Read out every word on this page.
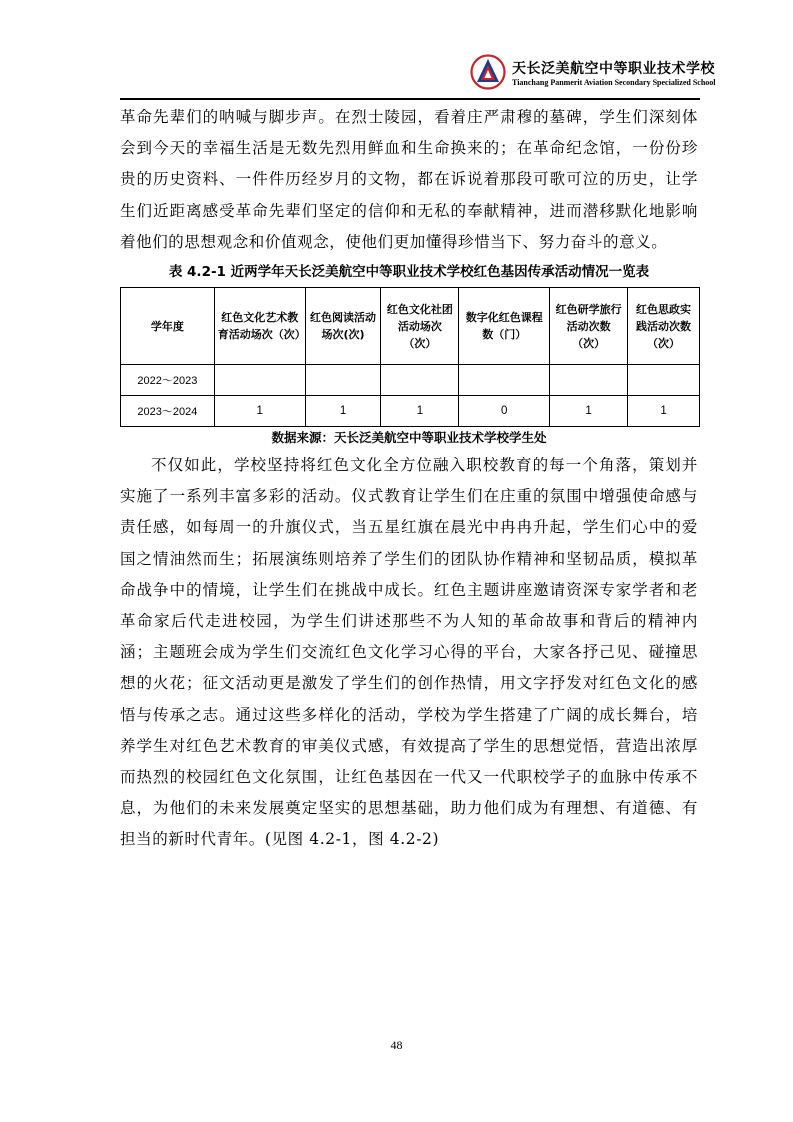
天长泛美航空中等职业技术学校
Tianchang Panmerit Aviation Secondary Specialized School

革命先辈们的呐喊与脚步声。在烈士陵园，看着庄严肃穆的墓碑，学生们深刻体会到今天的幸福生活是无数先烈用鲜血和生命换来的；在革命纪念馆，一份份珍贵的历史资料、一件件历经岁月的文物，都在诉说着那段可歌可泣的历史，让学生们近距离感受革命先辈们坚定的信仰和无私的奉献精神，进而潜移默化地影响着他们的思想观念和价值观念，使他们更加懂得珍惜当下、努力奋斗的意义。

表 4.2-1 近两学年天长泛美航空中等职业技术学校红色基因传承活动情况一览表
学年度	红色文化艺术教育活动场次（次）	红色阅读活动场次(次)	红色文化社团活动场次（次）	数字化红色课程数（门）	红色研学旅行活动次数（次）	红色思政实践活动次数（次）
2022～2023						
2023～2024	1	1	1	0	1	1
数据来源：天长泛美航空中等职业技术学校学生处

不仅如此，学校坚持将红色文化全方位融入职校教育的每一个角落，策划并实施了一系列丰富多彩的活动。仪式教育让学生们在庄重的氛围中增强使命感与责任感，如每周一的升旗仪式，当五星红旗在晨光中冉冉升起，学生们心中的爱国之情油然而生；拓展演练则培养了学生们的团队协作精神和坚韧品质，模拟革命战争中的情境，让学生们在挑战中成长。红色主题讲座邀请资深专家学者和老革命家后代走进校园，为学生们讲述那些不为人知的革命故事和背后的精神内涵；主题班会成为学生们交流红色文化学习心得的平台，大家各抒己见、碰撞思想的火花；征文活动更是激发了学生们的创作热情，用文字抒发对红色文化的感悟与传承之志。通过这些多样化的活动，学校为学生搭建了广阔的成长舞台，培养学生对红色艺术教育的审美仪式感，有效提高了学生的思想觉悟，营造出浓厚而热烈的校园红色文化氛围，让红色基因在一代又一代职校学子的血脉中传承不息，为他们的未来发展奠定坚实的思想基础，助力他们成为有理想、有道德、有担当的新时代青年。(见图 4.2-1，图 4.2-2)

48
